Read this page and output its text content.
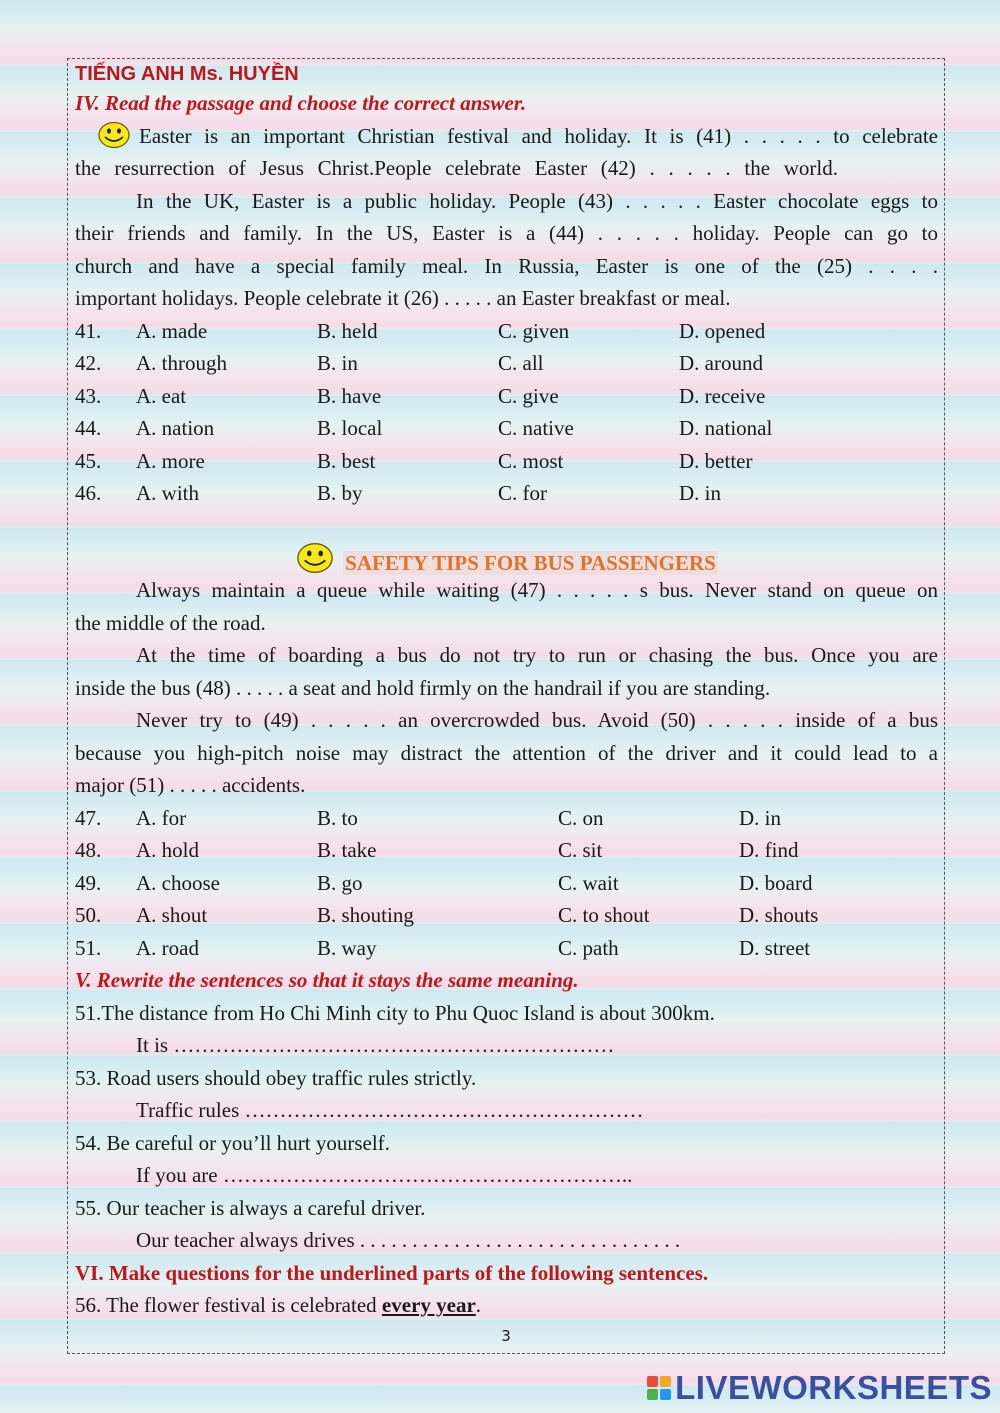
TIẾNG ANH Ms. HUYỀN
IV. Read the passage and choose the correct answer.
Easter is an important Christian festival and holiday. It is (41) . . . . . to celebrate
the resurrection of Jesus Christ.People celebrate Easter (42) . . . . . the world.
In the UK, Easter is a public holiday. People (43) . . . . . Easter chocolate eggs to
their friends and family. In the US, Easter is a (44) . . . . . holiday. People can go to
church and have a special family meal. In Russia, Easter is one of the (25) . . . .
important holidays. People celebrate it (26) . . . . . an Easter breakfast or meal.
41. A. made	B. held	C. given	D. opened
42. A. through	B. in	C. all	D. around
43. A. eat	B. have	C. give	D. receive
44. A. nation	B. local	C. native	D. national
45. A. more	B. best	C. most	D. better
46. A. with	B. by	C. for	D. in
SAFETY TIPS FOR BUS PASSENGERS
Always maintain a queue while waiting (47) . . . . . s bus. Never stand on queue on
the middle of the road.
At the time of boarding a bus do not try to run or chasing the bus. Once you are
inside the bus (48) . . . . . a seat and hold firmly on the handrail if you are standing.
Never try to (49) . . . . . an overcrowded bus. Avoid (50) . . . . . inside of a bus
because you high-pitch noise may distract the attention of the driver and it could lead to a
major (51) . . . . . accidents.
47. A. for	B. to	C. on	D. in
48. A. hold	B. take	C. sit	D. find
49. A. choose	B. go	C. wait	D. board
50. A. shout	B. shouting	C. to shout	D. shouts
51. A. road	B. way	C. path	D. street
V. Rewrite the sentences so that it stays the same meaning.
51.The distance from Ho Chi Minh city to Phu Quoc Island is about 300km.
It is ………………………………………………………
53. Road users should obey traffic rules strictly.
Traffic rules …………………………………………………
54. Be careful or you’ll hurt yourself.
If you are …………………………………………………..
55. Our teacher is always a careful driver.
Our teacher always drives . . . . . . . . . . . . . . . . . . . . . . . . . . . . . . .
VI. Make questions for the underlined parts of the following sentences.
56. The flower festival is celebrated every year.
3
LIVEWORKSHEETS
